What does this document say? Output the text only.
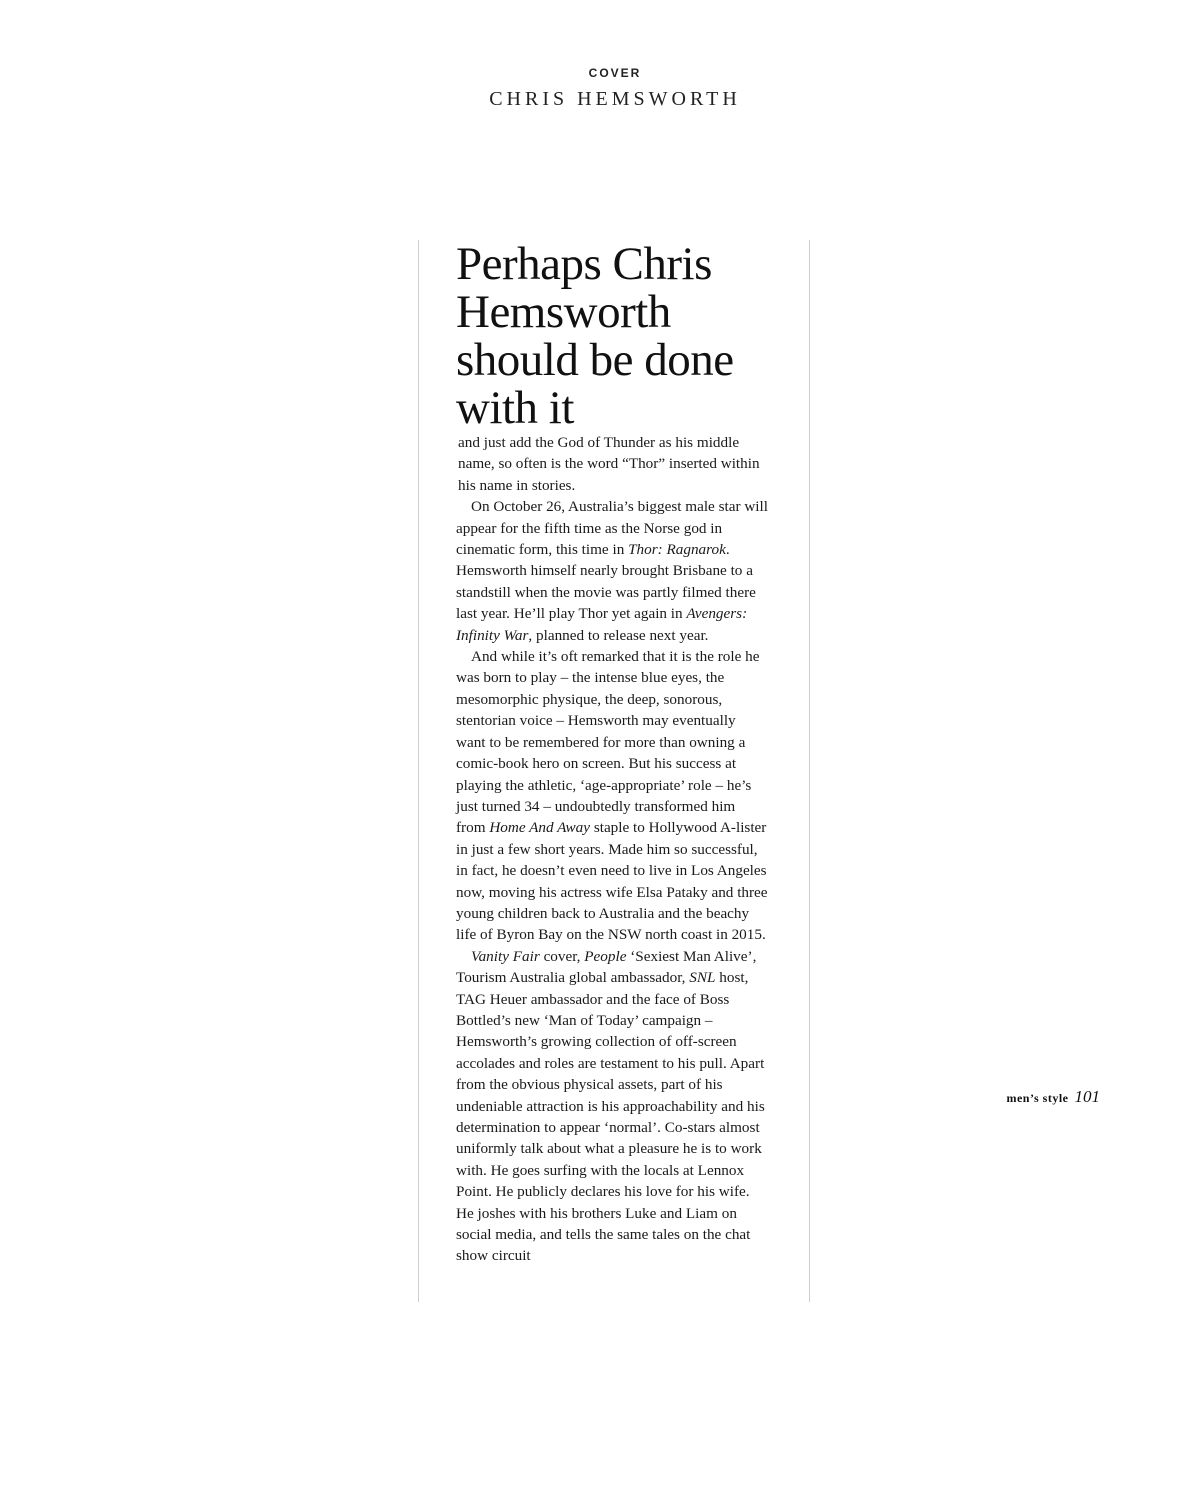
COVER
CHRIS HEMSWORTH
Perhaps Chris Hemsworth should be done with it

and just add the God of Thunder as his middle name, so often is the word “Thor” inserted within his name in stories.

On October 26, Australia’s biggest male star will appear for the fifth time as the Norse god in cinematic form, this time in Thor: Ragnarok. Hemsworth himself nearly brought Brisbane to a standstill when the movie was partly filmed there last year. He’ll play Thor yet again in Avengers: Infinity War, planned to release next year.

And while it’s oft remarked that it is the role he was born to play – the intense blue eyes, the mesomorphic physique, the deep, sonorous, stentorian voice – Hemsworth may eventually want to be remembered for more than owning a comic-book hero on screen. But his success at playing the athletic, ‘age-appropriate’ role – he’s just turned 34 – undoubtedly transformed him from Home And Away staple to Hollywood A-lister in just a few short years. Made him so successful, in fact, he doesn’t even need to live in Los Angeles now, moving his actress wife Elsa Pataky and three young children back to Australia and the beachy life of Byron Bay on the NSW north coast in 2015.

Vanity Fair cover, People ‘Sexiest Man Alive’, Tourism Australia global ambassador, SNL host, TAG Heuer ambassador and the face of Boss Bottled’s new ‘Man of Today’ campaign – Hemsworth’s growing collection of off-screen accolades and roles are testament to his pull. Apart from the obvious physical assets, part of his undeniable attraction is his approachability and his determination to appear ‘normal’. Co-stars almost uniformly talk about what a pleasure he is to work with. He goes surfing with the locals at Lennox Point. He publicly declares his love for his wife. He joshes with his brothers Luke and Liam on social media, and tells the same tales on the chat show circuit

men’s style 101
